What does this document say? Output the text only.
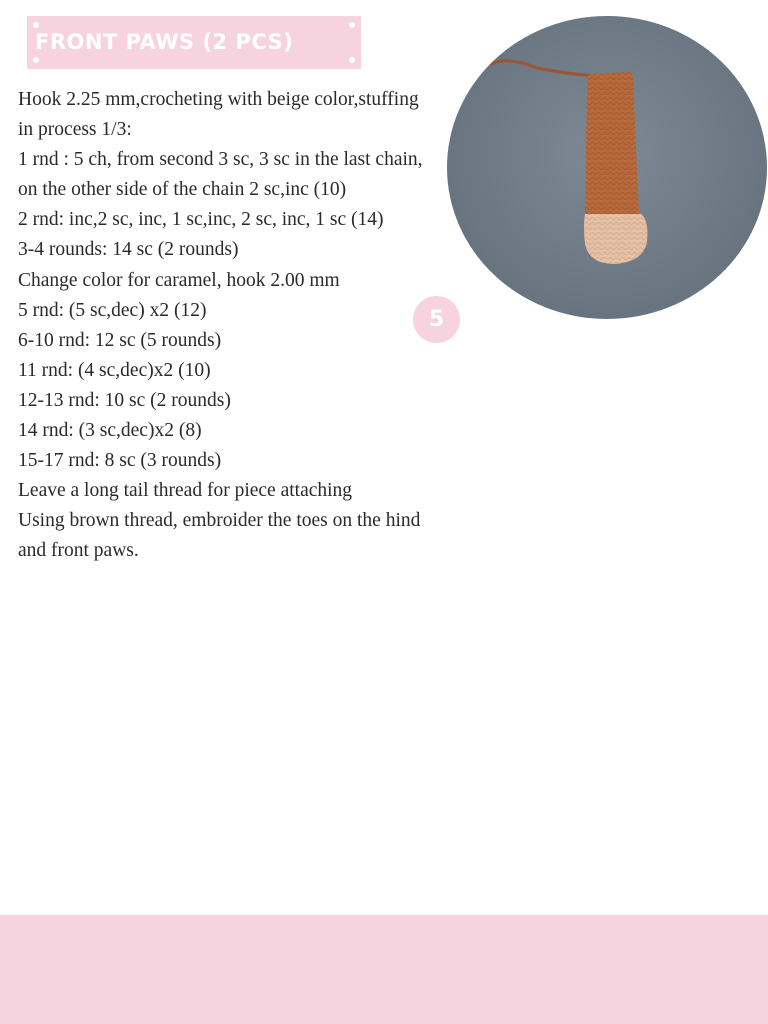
FRONT PAWS (2 PCS)
Hook 2.25 mm,crocheting with beige color,stuffing in process 1/3:
1 rnd : 5 ch, from second 3 sc, 3 sc in the last chain, on the other side of the chain 2 sc,inc (10)
2 rnd: inc,2 sc, inc, 1 sc,inc, 2 sc, inc, 1 sc (14)
3-4 rounds: 14 sc (2 rounds)
Change color for caramel, hook 2.00 mm
5 rnd: (5 sc,dec) x2 (12)
6-10 rnd: 12 sc (5 rounds)
11 rnd: (4 sc,dec)x2 (10)
12-13 rnd: 10 sc (2 rounds)
14 rnd: (3 sc,dec)x2 (8)
15-17 rnd: 8 sc (3 rounds)
Leave a long tail thread for piece attaching
Using brown thread, embroider the toes on the hind and front paws.
5
